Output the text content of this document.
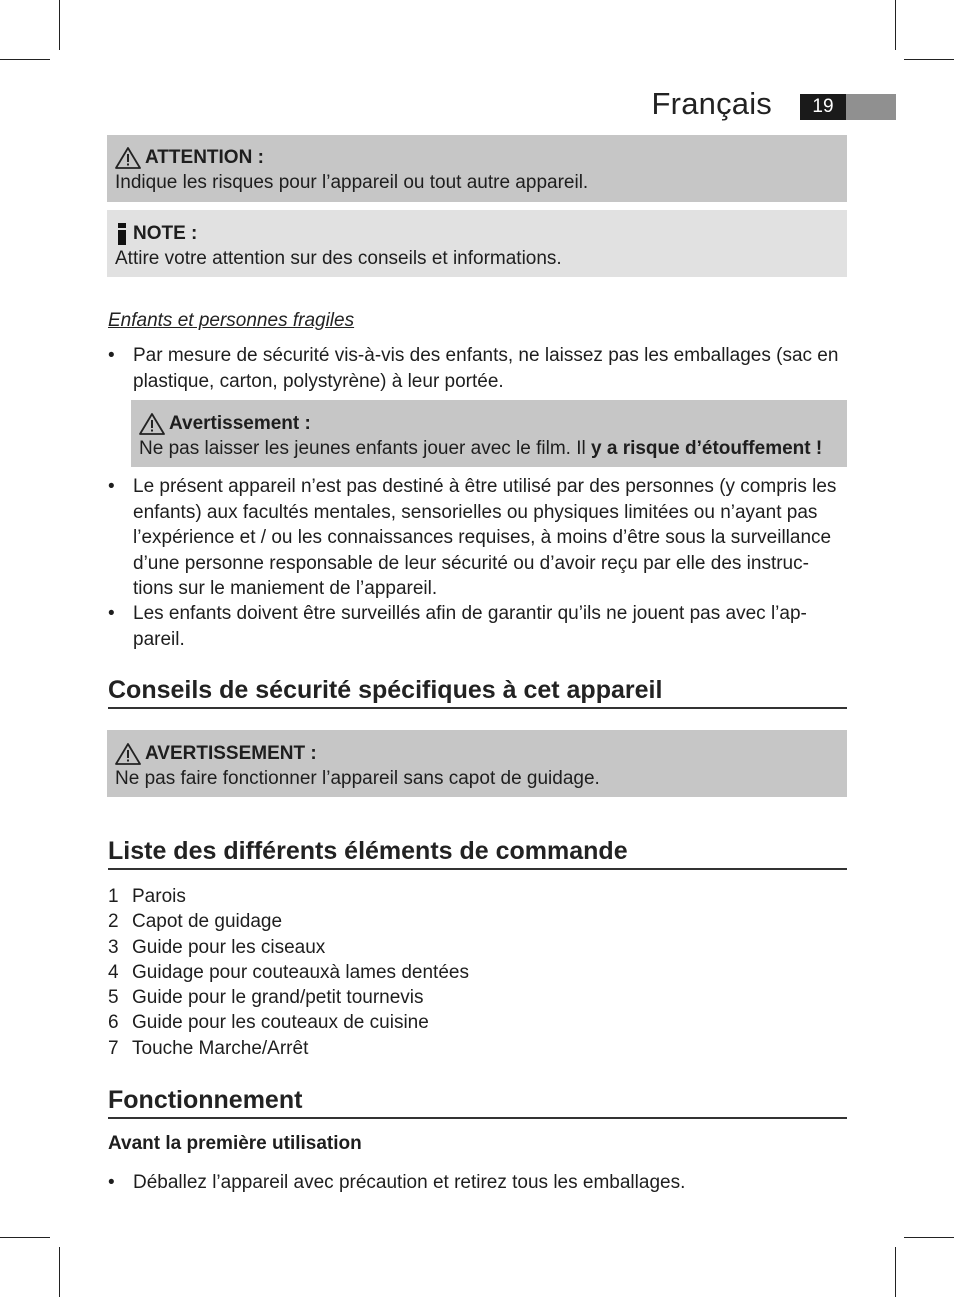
Français	19
ATTENTION :
Indique les risques pour l’appareil ou tout autre appareil.
NOTE :
Attire votre attention sur des conseils et informations.
Enfants et personnes fragiles
• Par mesure de sécurité vis-à-vis des enfants, ne laissez pas les emballages (sac en
plastique, carton, polystyrène) à leur portée.
Avertissement :
Ne pas laisser les jeunes enfants jouer avec le film. Il y a risque d’étouffement !
• Le présent appareil n’est pas destiné à être utilisé par des personnes (y compris les
enfants) aux facultés mentales, sensorielles ou physiques limitées ou n’ayant pas
l’expérience et / ou les connaissances requises, à moins d’être sous la surveillance
d’une personne responsable de leur sécurité ou d’avoir reçu par elle des instruc-
tions sur le maniement de l’appareil.
• Les enfants doivent être surveillés afin de garantir qu’ils ne jouent pas avec l’ap-
pareil.
Conseils de sécurité spécifiques à cet appareil
AVERTISSEMENT :
Ne pas faire fonctionner l’appareil sans capot de guidage.
Liste des différents éléments de commande
1 Parois
2 Capot de guidage
3 Guide pour les ciseaux
4 Guidage pour couteauxà lames dentées
5 Guide pour le grand/petit tournevis
6 Guide pour les couteaux de cuisine
7 Touche Marche/Arrêt
Fonctionnement
Avant la première utilisation
• Déballez l’appareil avec précaution et retirez tous les emballages.
